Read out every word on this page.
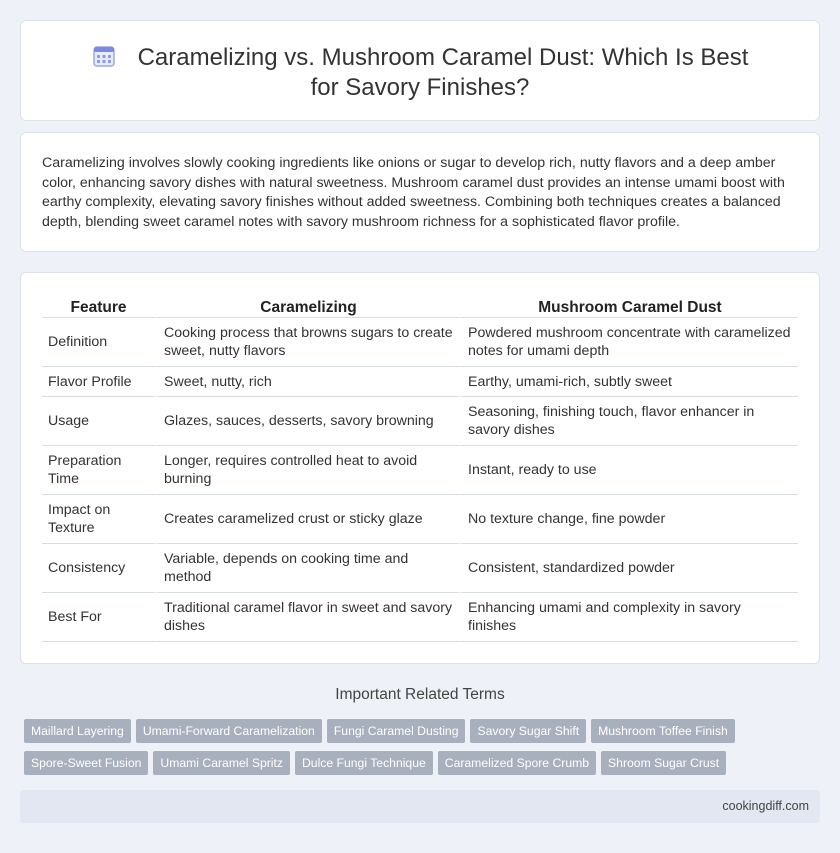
Caramelizing vs. Mushroom Caramel Dust: Which Is Best for Savory Finishes?

Caramelizing involves slowly cooking ingredients like onions or sugar to develop rich, nutty flavors and a deep amber color, enhancing savory dishes with natural sweetness. Mushroom caramel dust provides an intense umami boost with earthy complexity, elevating savory finishes without added sweetness. Combining both techniques creates a balanced depth, blending sweet caramel notes with savory mushroom richness for a sophisticated flavor profile.

Feature	Caramelizing	Mushroom Caramel Dust
Definition	Cooking process that browns sugars to create sweet, nutty flavors	Powdered mushroom concentrate with caramelized notes for umami depth
Flavor Profile	Sweet, nutty, rich	Earthy, umami-rich, subtly sweet
Usage	Glazes, sauces, desserts, savory browning	Seasoning, finishing touch, flavor enhancer in savory dishes
Preparation Time	Longer, requires controlled heat to avoid burning	Instant, ready to use
Impact on Texture	Creates caramelized crust or sticky glaze	No texture change, fine powder
Consistency	Variable, depends on cooking time and method	Consistent, standardized powder
Best For	Traditional caramel flavor in sweet and savory dishes	Enhancing umami and complexity in savory finishes
Important Related Terms
Maillard Layering Umami-Forward Caramelization Fungi Caramel Dusting Savory Sugar Shift Mushroom Toffee Finish
Spore-Sweet Fusion Umami Caramel Spritz Dulce Fungi Technique Caramelized Spore Crumb Shroom Sugar Crust
cookingdiff.com
